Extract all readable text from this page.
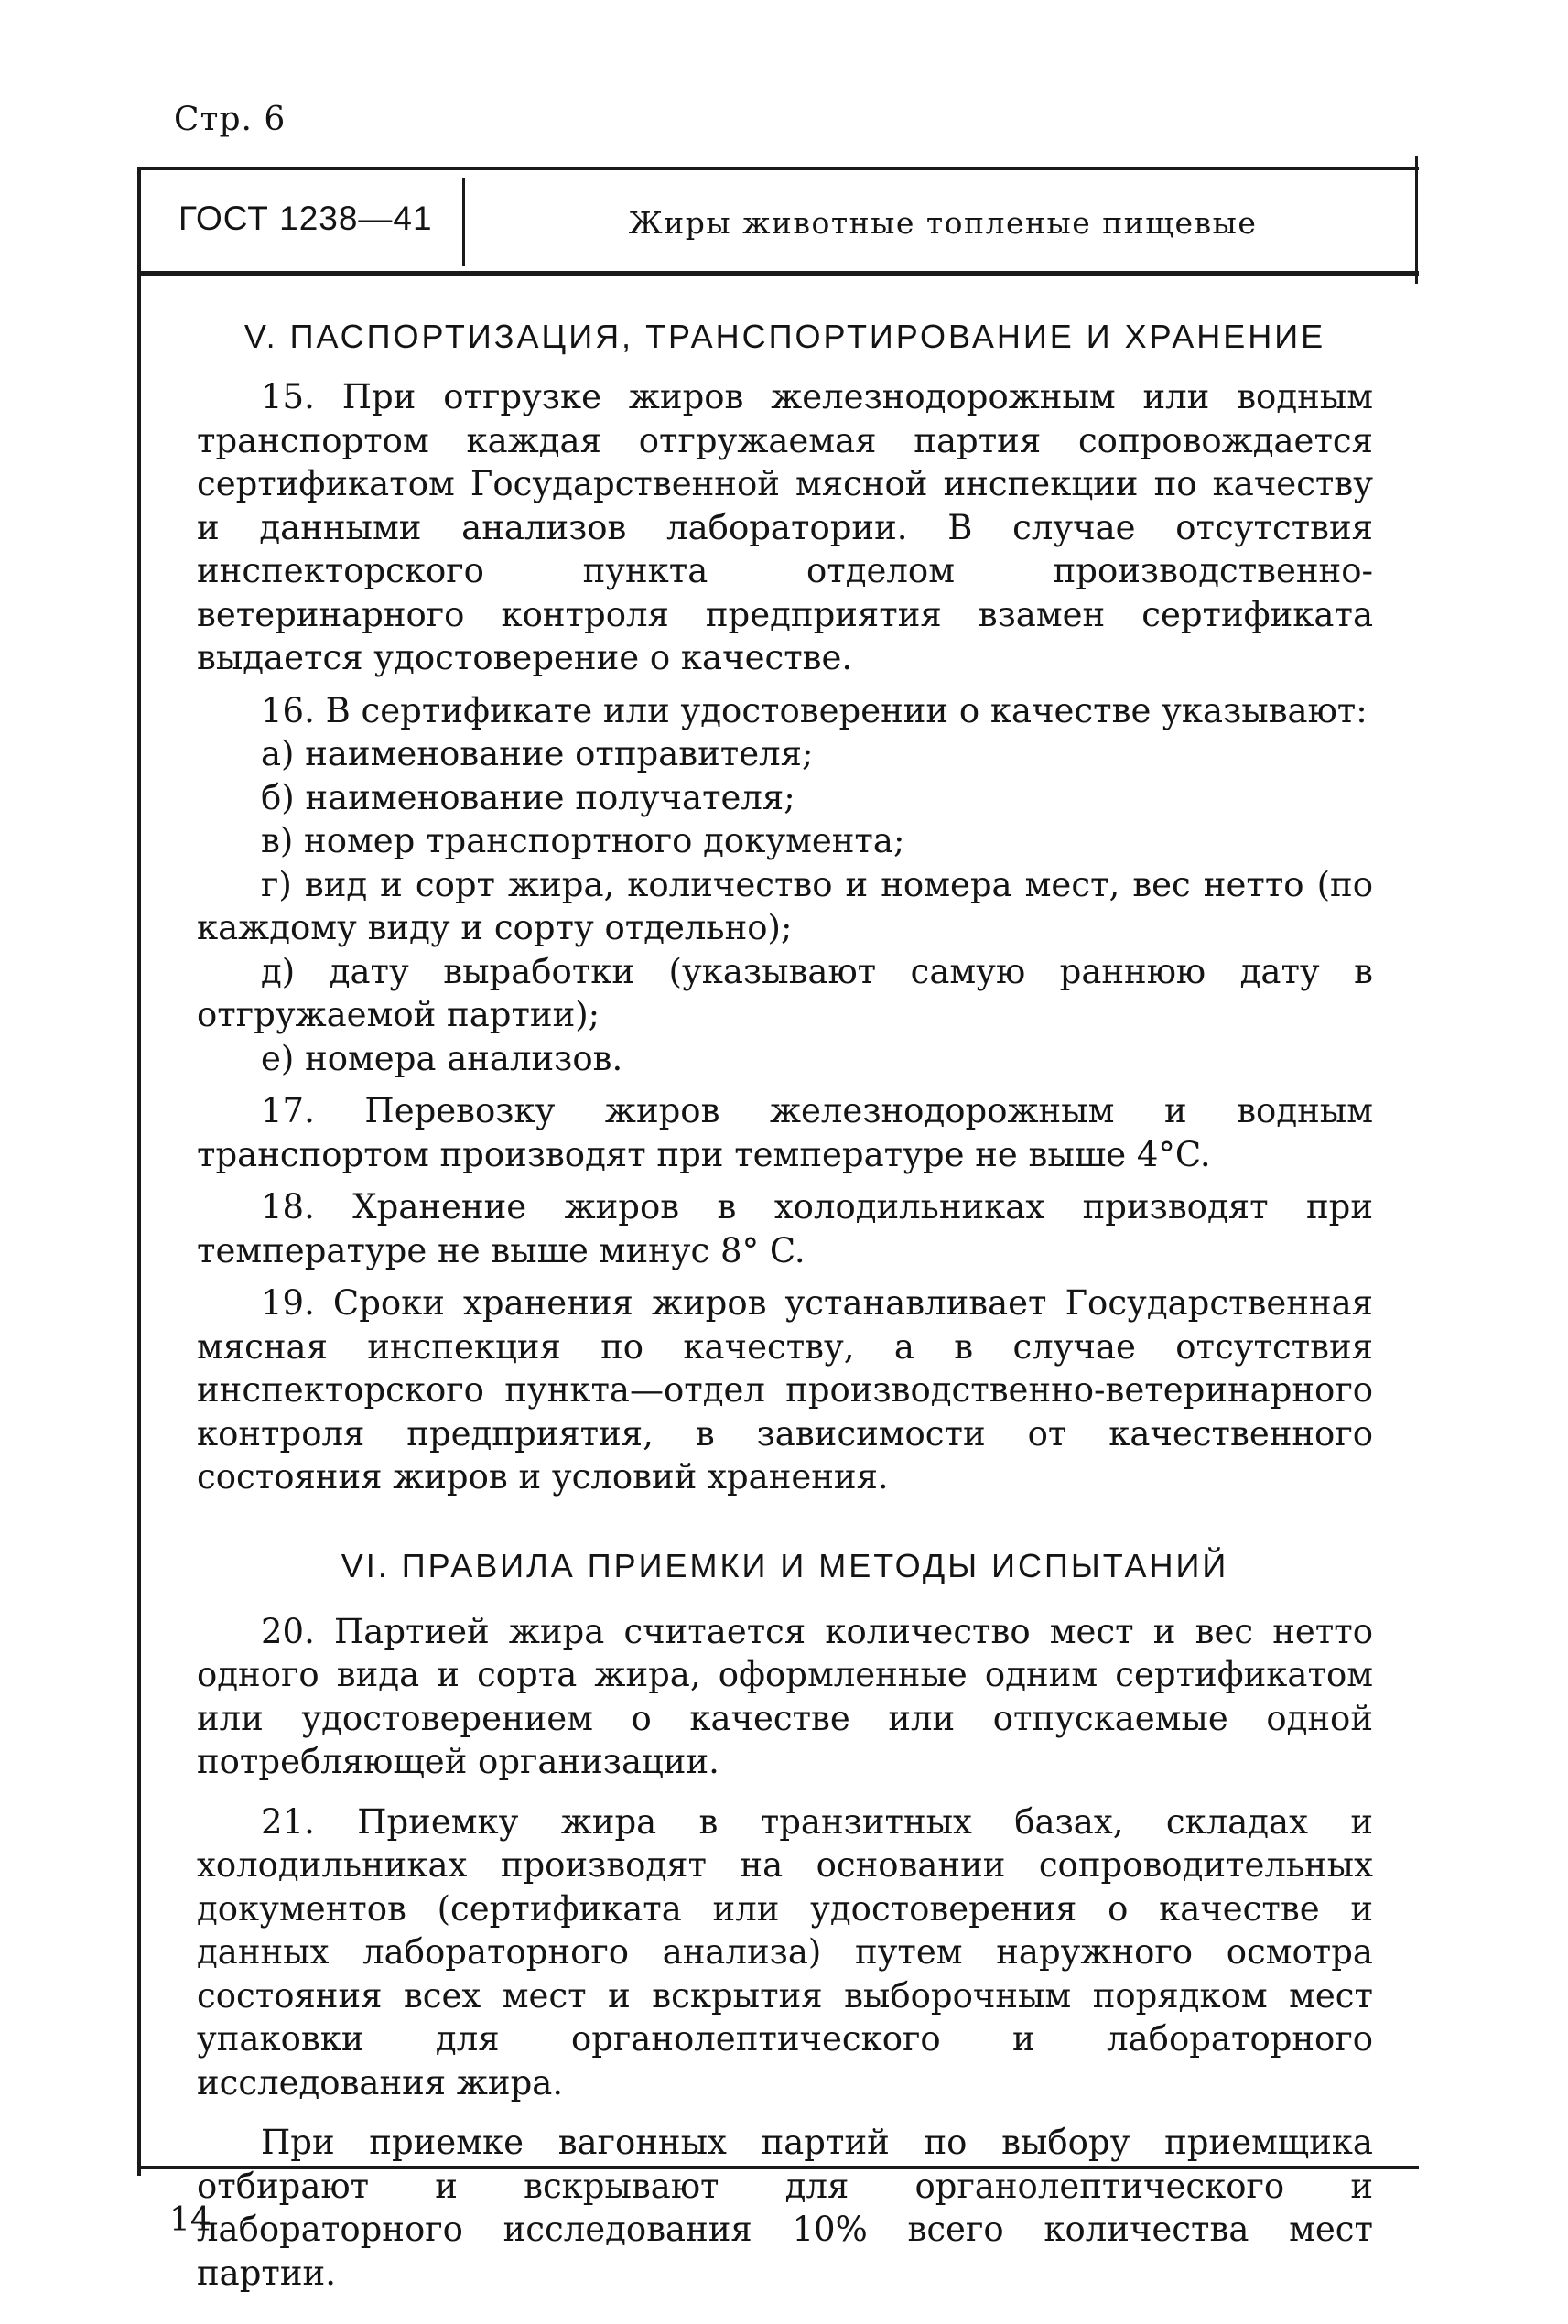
Стр. 6
ГОСТ 1238—41	Жиры животные топленые пищевые
V. ПАСПОРТИЗАЦИЯ, ТРАНСПОРТИРОВАНИЕ И ХРАНЕНИЕ

15. При отгрузке жиров железнодорожным или водным транспортом каждая отгружаемая партия сопровождается сертификатом Государственной мясной инспекции по качеству и данными анализов лаборатории. В случае отсутствия инспекторского пункта отделом производственно-ветеринарного контроля предприятия взамен сертификата выдается удостоверение о качестве.

16. В сертификате или удостоверении о качестве указывают:

а) наименование отправителя;

б) наименование получателя;

в) номер транспортного документа;

г) вид и сорт жира, количество и номера мест, вес нетто (по каждому виду и сорту отдельно);

д) дату выработки (указывают самую раннюю дату в отгружаемой партии);

е) номера анализов.

17. Перевозку жиров железнодорожным и водным транспортом производят при температуре не выше 4°C.

18. Хранение жиров в холодильниках призводят при температуре не выше минус 8° C.

19. Сроки хранения жиров устанавливает Государственная мясная инспекция по качеству, а в случае отсутствия инспекторского пункта—отдел производственно-ветеринарного контроля предприятия, в зависимости от качественного состояния жиров и условий хранения.

VI. ПРАВИЛА ПРИЕМКИ И МЕТОДЫ ИСПЫТАНИЙ

20. Партией жира считается количество мест и вес нетто одного вида и сорта жира, оформленные одним сертификатом или удостоверением о качестве или отпускаемые одной потребляющей организации.

21. Приемку жира в транзитных базах, складах и холодильниках производят на основании сопроводительных документов (сертификата или удостоверения о качестве и данных лабораторного анализа) путем наружного осмотра состояния всех мест и вскрытия выборочным порядком мест упаковки для органолептического и лабораторного исследования жира.

При приемке вагонных партий по выбору приемщика отбирают и вскрывают для органолептического и лабораторного исследования 10% всего количества мест партии.

14
